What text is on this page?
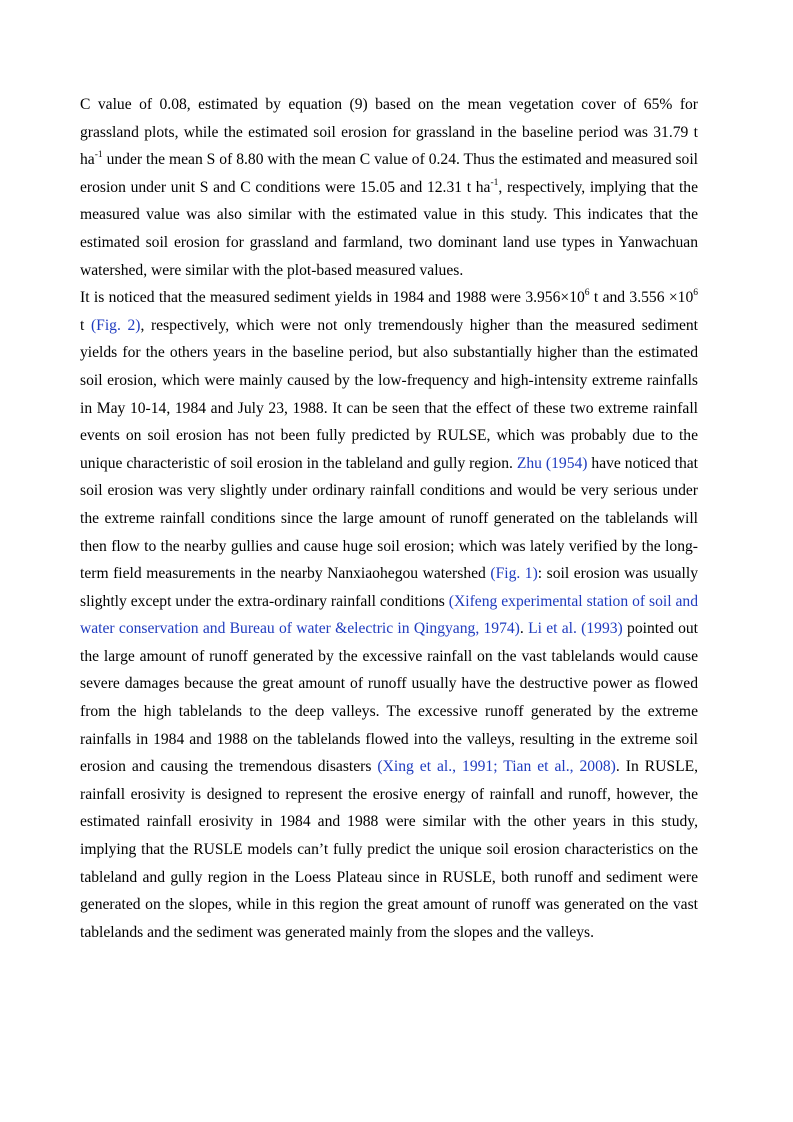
C value of 0.08, estimated by equation (9) based on the mean vegetation cover of 65% for grassland plots, while the estimated soil erosion for grassland in the baseline period was 31.79 t $ha^{-1}$ under the mean S of 8.80 with the mean C value of 0.24. Thus the estimated and measured soil erosion under unit S and C conditions were 15.05 and 12.31 t $ha^{-1}$, respectively, implying that the measured value was also similar with the estimated value in this study. This indicates that the estimated soil erosion for grassland and farmland, two dominant land use types in Yanwachuan watershed, were similar with the plot-based measured values.

It is noticed that the measured sediment yields in 1984 and 1988 were $3.956\times 10^6$ t and $3.556 \times 10^6$ t (Fig. 2), respectively, which were not only tremendously higher than the measured sediment yields for the others years in the baseline period, but also substantially higher than the estimated soil erosion, which were mainly caused by the low-frequency and high-intensity extreme rainfalls in May 10-14, 1984 and July 23, 1988. It can be seen that the effect of these two extreme rainfall events on soil erosion has not been fully predicted by RULSE, which was probably due to the unique characteristic of soil erosion in the tableland and gully region. Zhu (1954) have noticed that soil erosion was very slightly under ordinary rainfall conditions and would be very serious under the extreme rainfall conditions since the large amount of runoff generated on the tablelands will then flow to the nearby gullies and cause huge soil erosion; which was lately verified by the long-term field measurements in the nearby Nanxiaohegou watershed (Fig. 1): soil erosion was usually slightly except under the extra-ordinary rainfall conditions (Xifeng experimental station of soil and water conservation and Bureau of water &electric in Qingyang, 1974). Li et al. (1993) pointed out the large amount of runoff generated by the excessive rainfall on the vast tablelands would cause severe damages because the great amount of runoff usually have the destructive power as flowed from the high tablelands to the deep valleys. The excessive runoff generated by the extreme rainfalls in 1984 and 1988 on the tablelands flowed into the valleys, resulting in the extreme soil erosion and causing the tremendous disasters (Xing et al., 1991; Tian et al., 2008). In RUSLE, rainfall erosivity is designed to represent the erosive energy of rainfall and runoff, however, the estimated rainfall erosivity in 1984 and 1988 were similar with the other years in this study, implying that the RUSLE models can’t fully predict the unique soil erosion characteristics on the tableland and gully region in the Loess Plateau since in RUSLE, both runoff and sediment were generated on the slopes, while in this region the great amount of runoff was generated on the vast tablelands and the sediment was generated mainly from the slopes and the valleys.
